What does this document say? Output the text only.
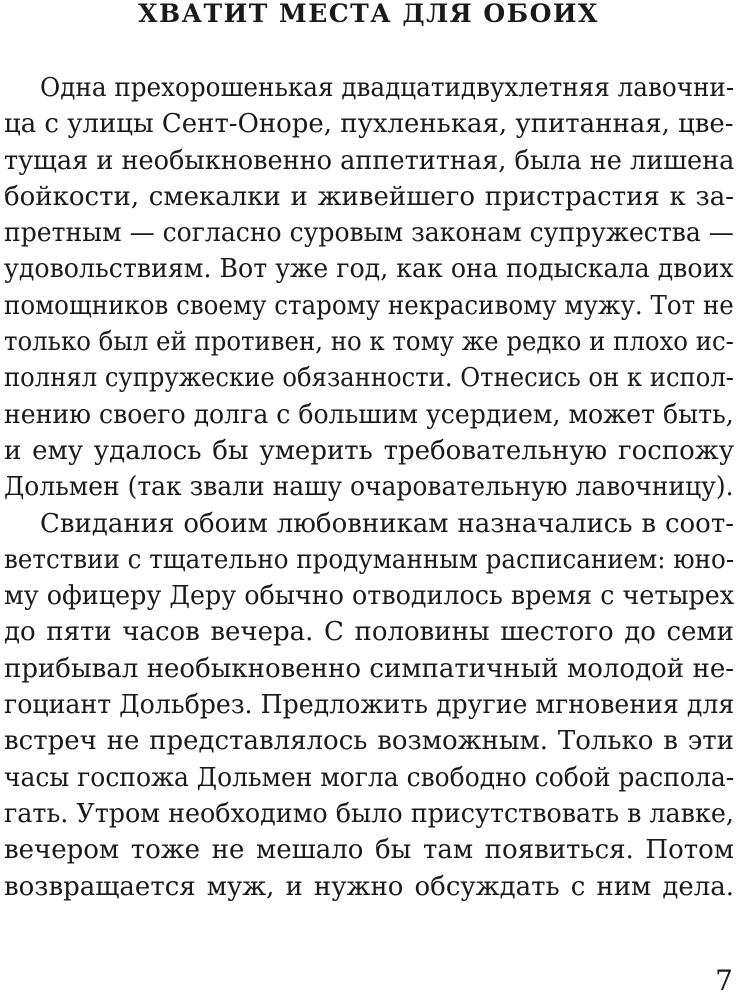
ХВАТИТ МЕСТА ДЛЯ ОБОИХ

Одна прехорошенькая двадцатидвухлетняя лавочни-
ца с улицы Сент-Оноре, пухленькая, упитанная, цве-
тущая и необыкновенно аппетитная, была не лишена
бойкости, смекалки и живейшего пристрастия к за-
претным — согласно суровым законам супружества —
удовольствиям. Вот уже год, как она подыскала двоих
помощников своему старому некрасивому мужу. Тот не
только был ей противен, но к тому же редко и плохо ис-
полнял супружеские обязанности. Отнесись он к испол-
нению своего долга с большим усердием, может быть,
и ему удалось бы умерить требовательную госпожу
Дольмен (так звали нашу очаровательную лавочницу).

Свидания обоим любовникам назначались в соот-
ветствии с тщательно продуманным расписанием: юно-
му офицеру Деру обычно отводилось время с четырех
до пяти часов вечера. С половины шестого до семи
прибывал необыкновенно симпатичный молодой не-
гоциант Дольбрез. Предложить другие мгновения для
встреч не представлялось возможным. Только в эти
часы госпожа Дольмен могла свободно собой распола-
гать. Утром необходимо было присутствовать в лавке,
вечером тоже не мешало бы там появиться. Потом
возвращается муж, и нужно обсуждать с ним дела.

7
